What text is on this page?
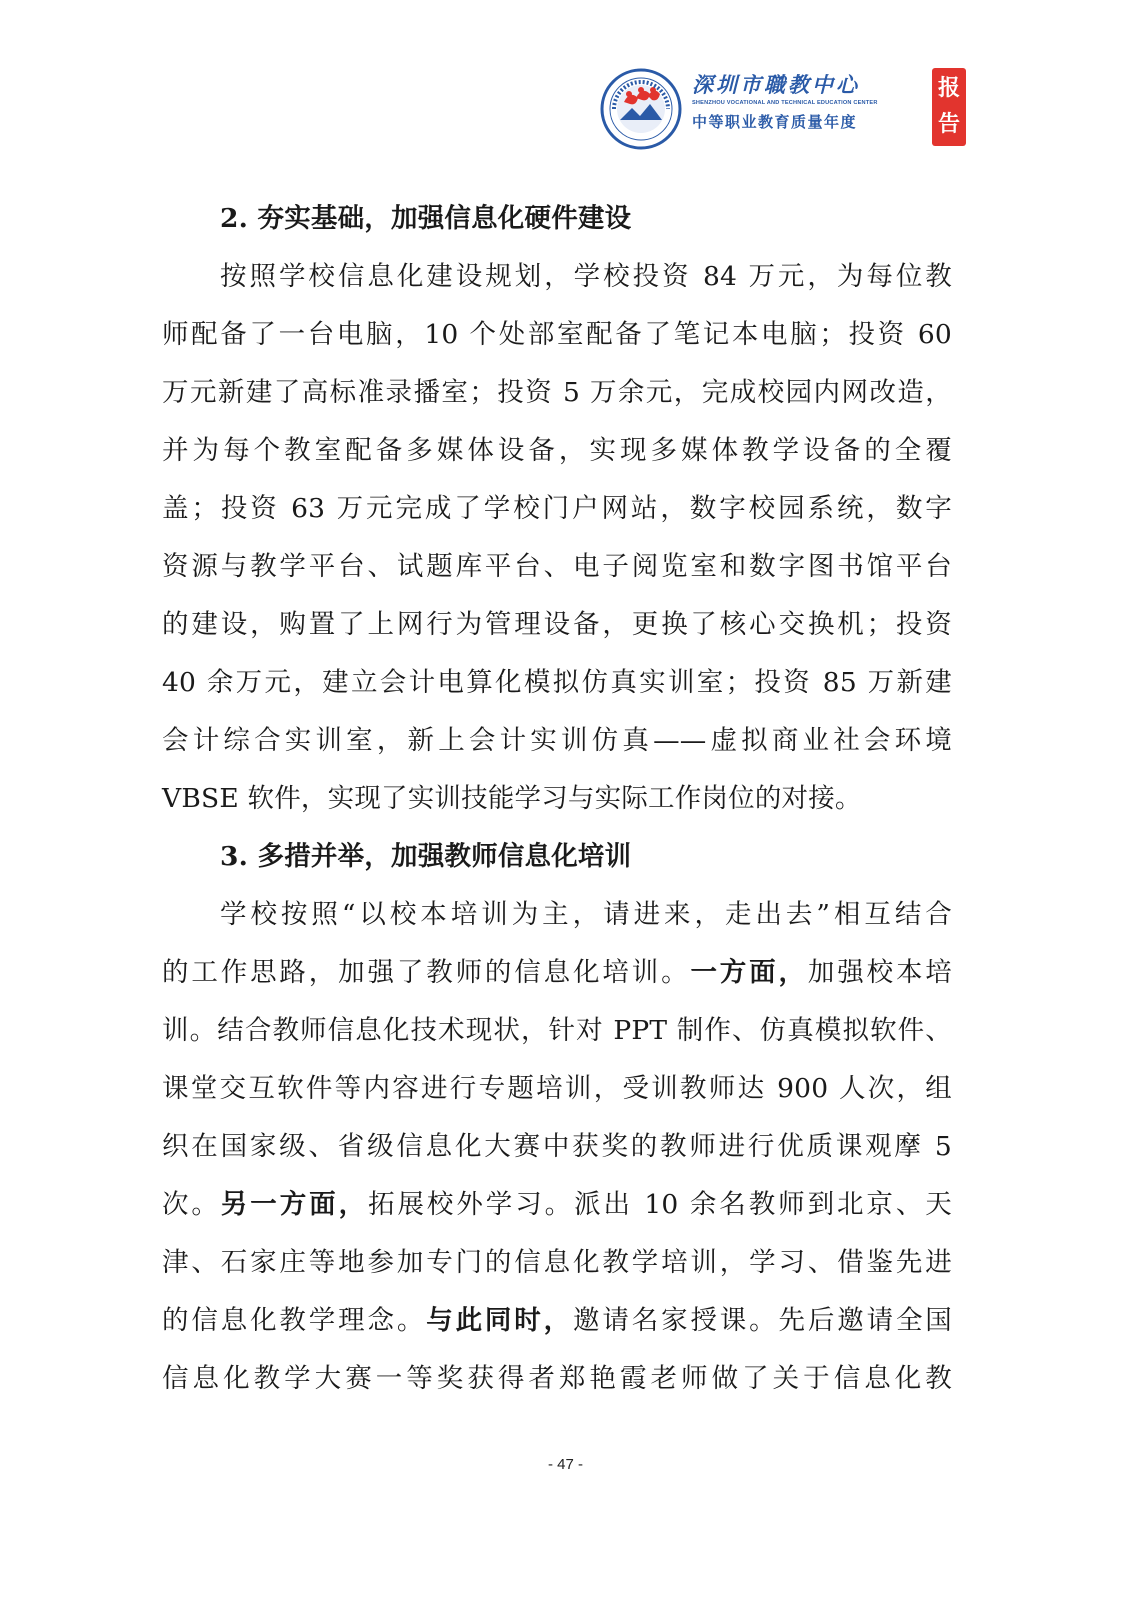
深圳市職教中心
SHENZHOU VOCATIONAL AND TECHNICAL EDUCATION CENTER
中等职业教育质量年度
报
告
2. 夯实基础，加强信息化硬件建设
按照学校信息化建设规划，学校投资 84 万元，为每位教
师配备了一台电脑，10 个处部室配备了笔记本电脑；投资 60
万元新建了高标准录播室；投资 5 万余元，完成校园内网改造，
并为每个教室配备多媒体设备，实现多媒体教学设备的全覆
盖；投资 63 万元完成了学校门户网站，数字校园系统，数字
资源与教学平台、试题库平台、电子阅览室和数字图书馆平台
的建设，购置了上网行为管理设备，更换了核心交换机；投资
40 余万元，建立会计电算化模拟仿真实训室；投资 85 万新建
会计综合实训室，新上会计实训仿真——虚拟商业社会环境
VBSE 软件，实现了实训技能学习与实际工作岗位的对接。
3. 多措并举，加强教师信息化培训
学校按照“以校本培训为主，请进来，走出去”相互结合
的工作思路，加强了教师的信息化培训。一方面，加强校本培
训。结合教师信息化技术现状，针对 PPT 制作、仿真模拟软件、
课堂交互软件等内容进行专题培训，受训教师达 900 人次，组
织在国家级、省级信息化大赛中获奖的教师进行优质课观摩 5
次。另一方面，拓展校外学习。派出 10 余名教师到北京、天
津、石家庄等地参加专门的信息化教学培训，学习、借鉴先进
的信息化教学理念。与此同时，邀请名家授课。先后邀请全国
信息化教学大赛一等奖获得者郑艳霞老师做了关于信息化教
- 47 -
